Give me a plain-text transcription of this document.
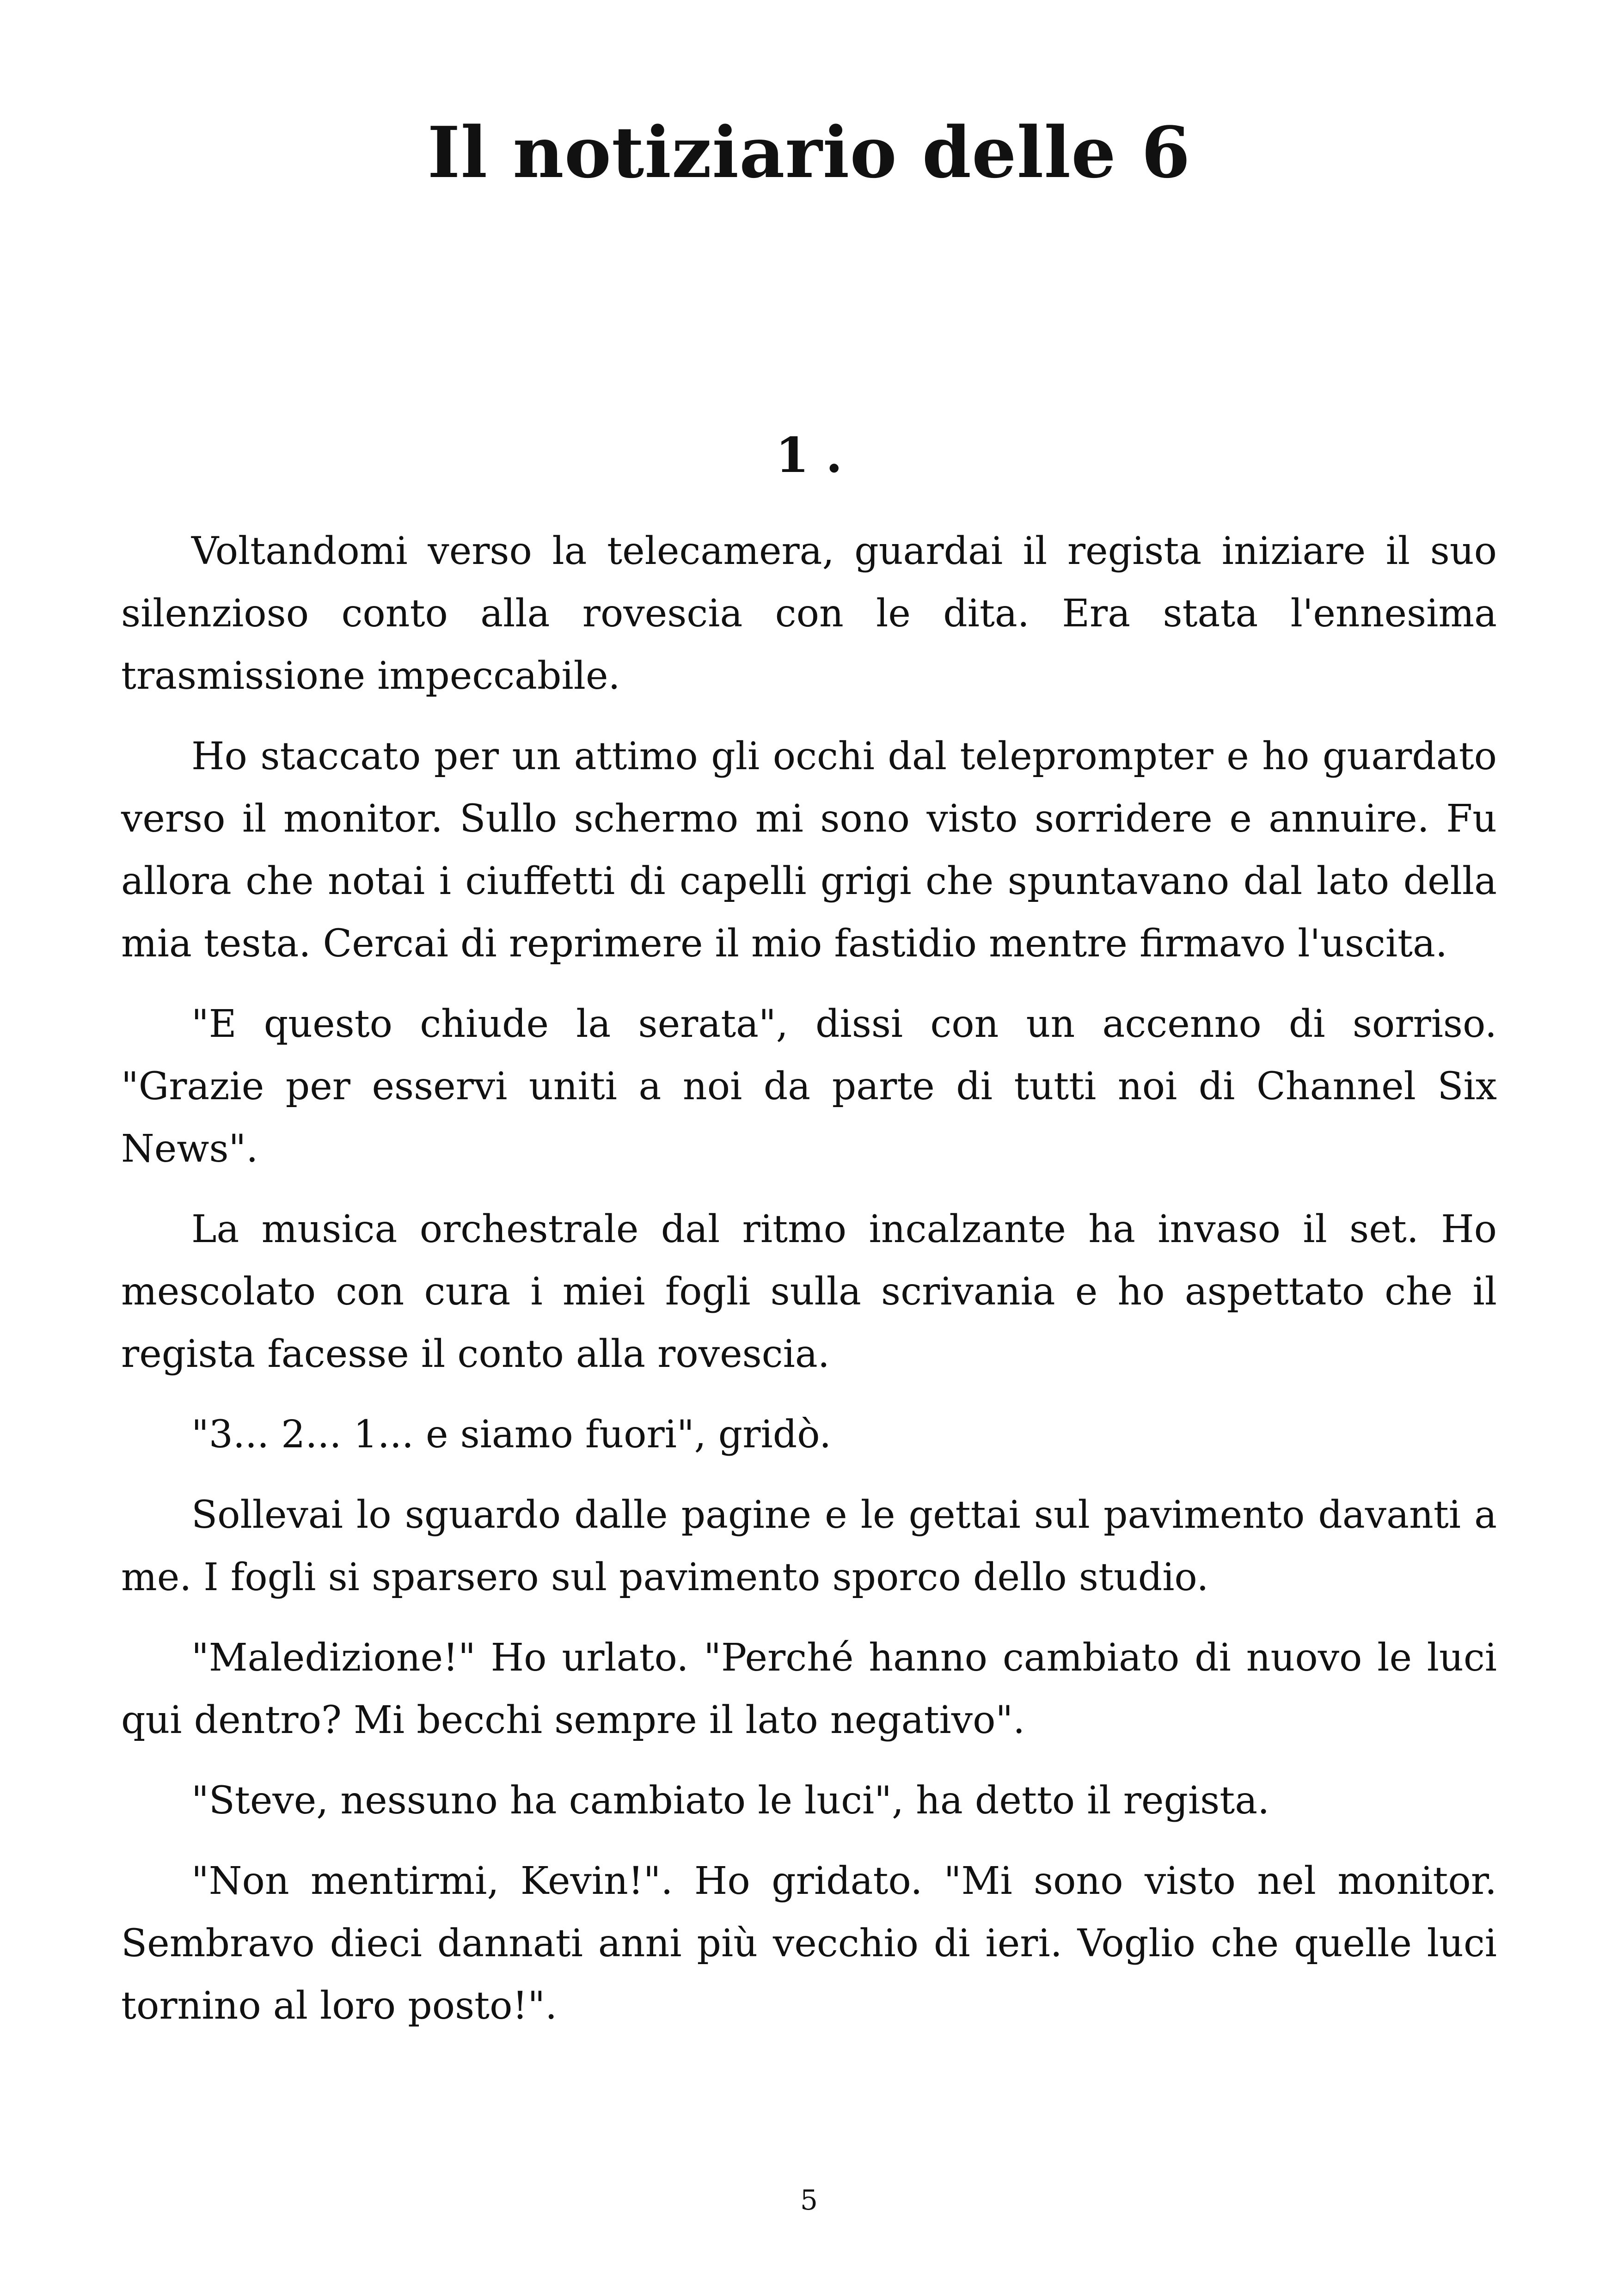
Il notiziario delle 6
1 .

Voltandomi verso la telecamera, guardai il regista iniziare il suo silenzioso conto alla rovescia con le dita. Era stata l'ennesima trasmissione impeccabile.

Ho staccato per un attimo gli occhi dal teleprompter e ho guardato verso il monitor. Sullo schermo mi sono visto sorridere e annuire. Fu allora che notai i ciuffetti di capelli grigi che spuntavano dal lato della mia testa. Cercai di reprimere il mio fastidio mentre firmavo l'uscita.

"E questo chiude la serata", dissi con un accenno di sorriso. "Grazie per esservi uniti a noi da parte di tutti noi di Channel Six News".

La musica orchestrale dal ritmo incalzante ha invaso il set. Ho mescolato con cura i miei fogli sulla scrivania e ho aspettato che il regista facesse il conto alla rovescia.

"3... 2... 1... e siamo fuori", gridò.

Sollevai lo sguardo dalle pagine e le gettai sul pavimento davanti a me. I fogli si sparsero sul pavimento sporco dello studio.

"Maledizione!" Ho urlato. "Perché hanno cambiato di nuovo le luci qui dentro? Mi becchi sempre il lato negativo".

"Steve, nessuno ha cambiato le luci", ha detto il regista.

"Non mentirmi, Kevin!". Ho gridato. "Mi sono visto nel monitor. Sembravo dieci dannati anni più vecchio di ieri. Voglio che quelle luci tornino al loro posto!".

5
